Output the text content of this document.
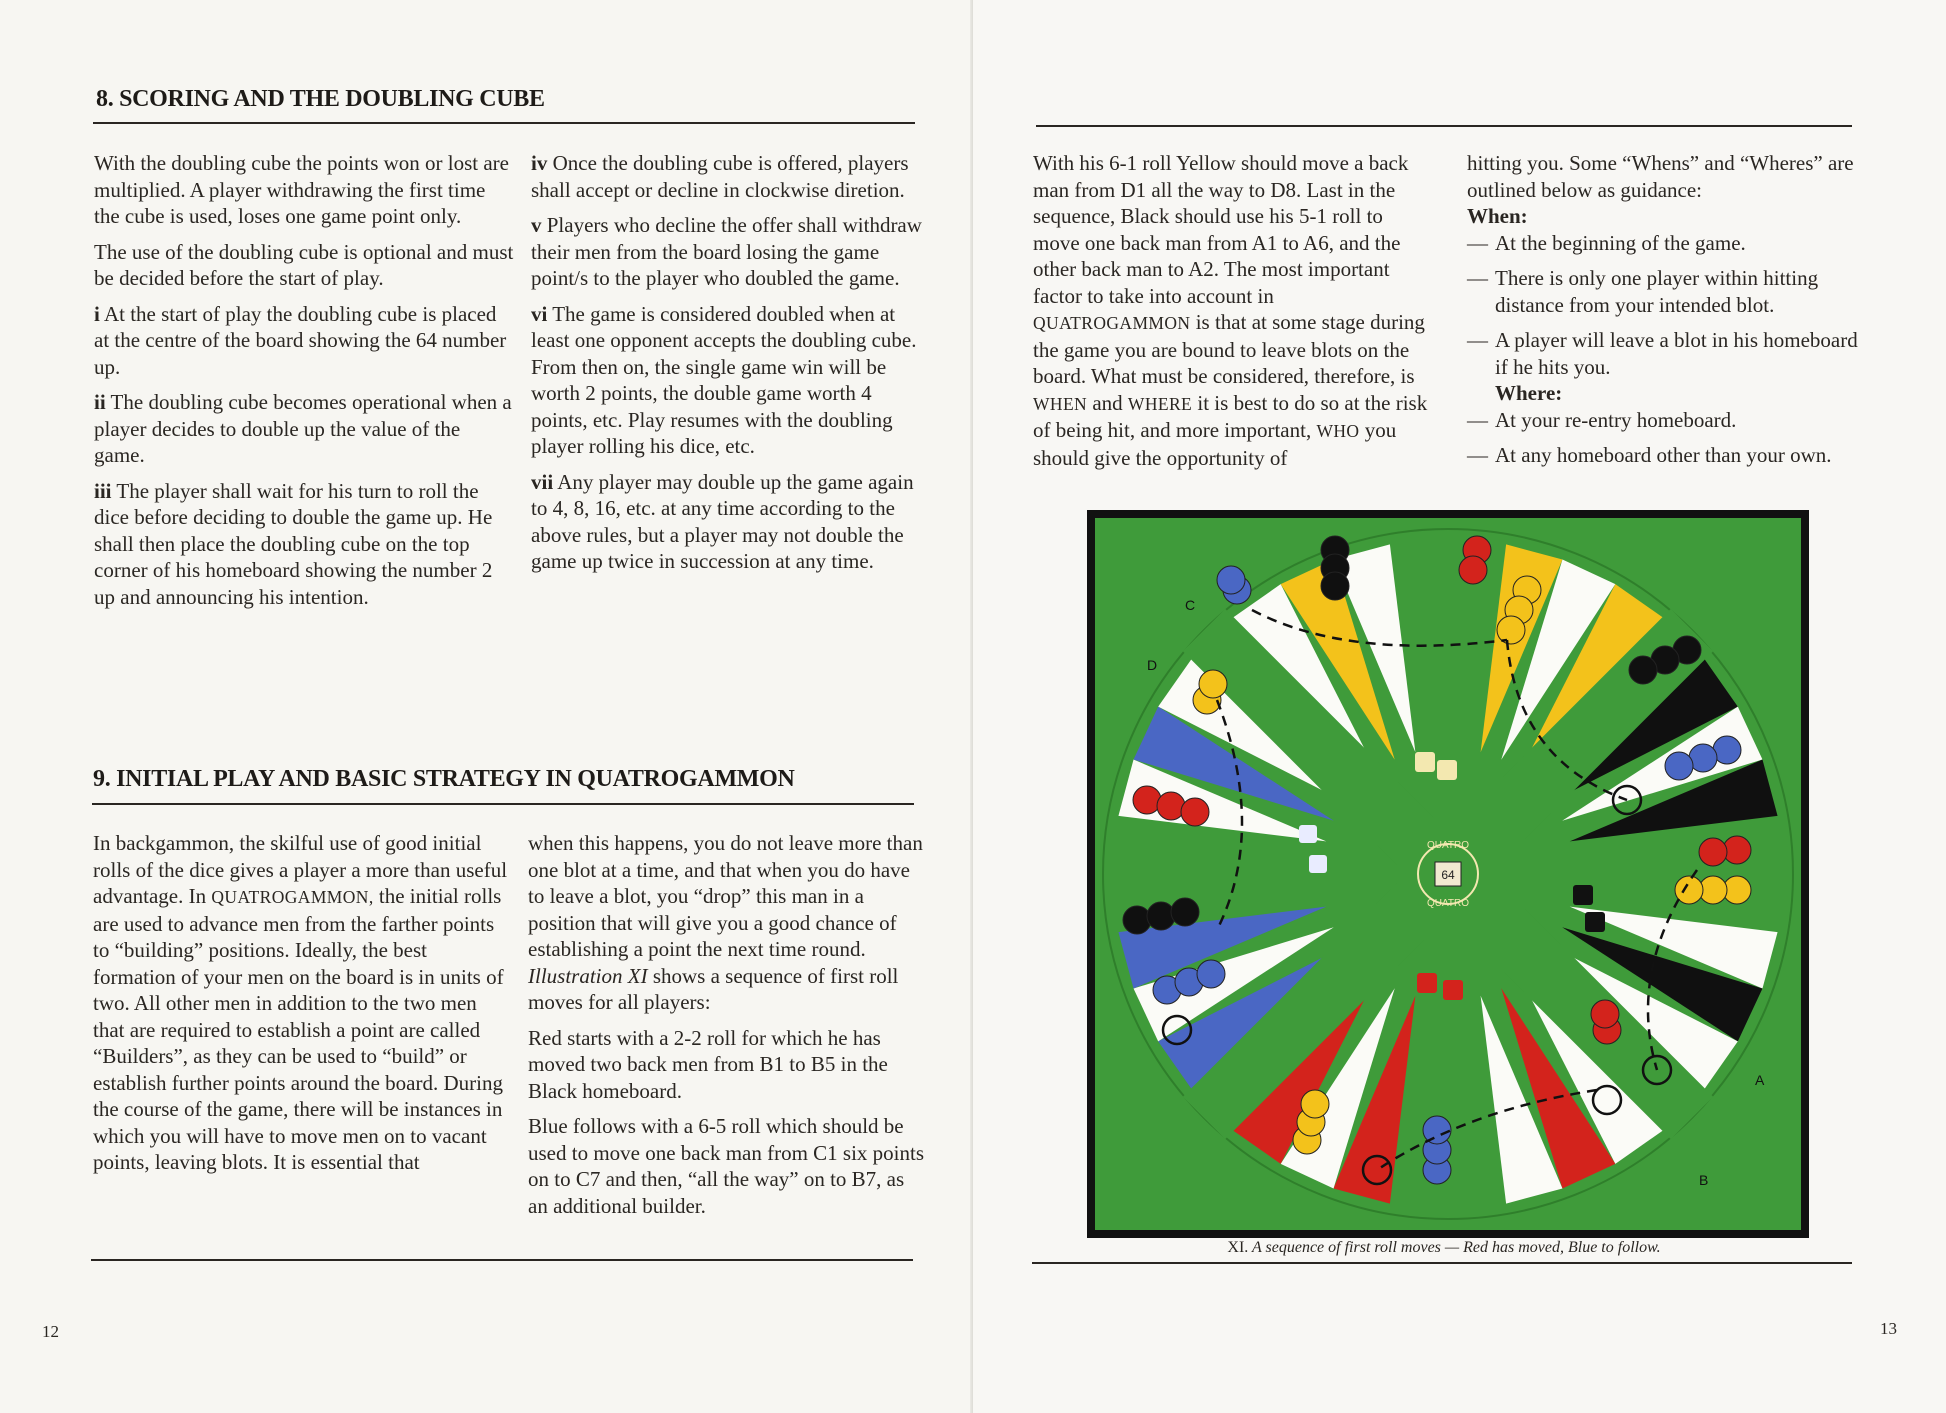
8. SCORING AND THE DOUBLING CUBE

With the doubling cube the points won or lost are multiplied. A player withdrawing the first time the cube is used, loses one game point only.

The use of the doubling cube is optional and must be decided before the start of play.

i At the start of play the doubling cube is placed at the centre of the board showing the 64 number up.

ii The doubling cube becomes operational when a player decides to double up the value of the game.

iii The player shall wait for his turn to roll the dice before deciding to double the game up. He shall then place the doubling cube on the top corner of his homeboard showing the number 2 up and announcing his intention.

iv Once the doubling cube is offered, players shall accept or decline in clockwise diretion.

v Players who decline the offer shall withdraw their men from the board losing the game point/s to the player who doubled the game.

vi The game is considered doubled when at least one opponent accepts the doubling cube. From then on, the single game win will be worth 2 points, the double game worth 4 points, etc. Play resumes with the doubling player rolling his dice, etc.

vii Any player may double up the game again to 4, 8, 16, etc. at any time according to the above rules, but a player may not double the game up twice in succession at any time.

9. INITIAL PLAY AND BASIC STRATEGY IN QUATROGAMMON

In backgammon, the skilful use of good initial rolls of the dice gives a player a more than useful advantage. In QUATROGAMMON, the initial rolls are used to advance men from the farther points to “building” positions. Ideally, the best formation of your men on the board is in units of two. All other men in addition to the two men that are required to establish a point are called “Builders”, as they can be used to “build” or establish further points around the board. During the course of the game, there will be instances in which you will have to move men on to vacant points, leaving blots. It is essential that

when this happens, you do not leave more than one blot at a time, and that when you do have to leave a blot, you “drop” this man in a position that will give you a good chance of establishing a point the next time round. Illustration XI shows a sequence of first roll moves for all players:

Red starts with a 2-2 roll for which he has moved two back men from B1 to B5 in the Black homeboard.

Blue follows with a 6-5 roll which should be used to move one back man from C1 six points on to C7 and then, “all the way” on to B7, as an additional builder.

12

With his 6-1 roll Yellow should move a back man from D1 all the way to D8. Last in the sequence, Black should use his 5-1 roll to move one back man from A1 to A6, and the other back man to A2. The most important factor to take into account in QUATROGAMMON is that at some stage during the game you are bound to leave blots on the board. What must be considered, therefore, is WHEN and WHERE it is best to do so at the risk of being hit, and more important, WHO you should give the opportunity of

hitting you. Some “Whens” and “Wheres” are outlined below as guidance:

When:

— At the beginning of the game.
— There is only one player within hitting distance from your intended blot.
— A player will leave a blot in his homeboard if he hits you.

Where:

— At your re-entry homeboard.
— At any homeboard other than your own.
XI. A sequence of first roll moves — Red has moved, Blue to follow.
13
64
QUATRO
QUATRO
A
B
C
D
